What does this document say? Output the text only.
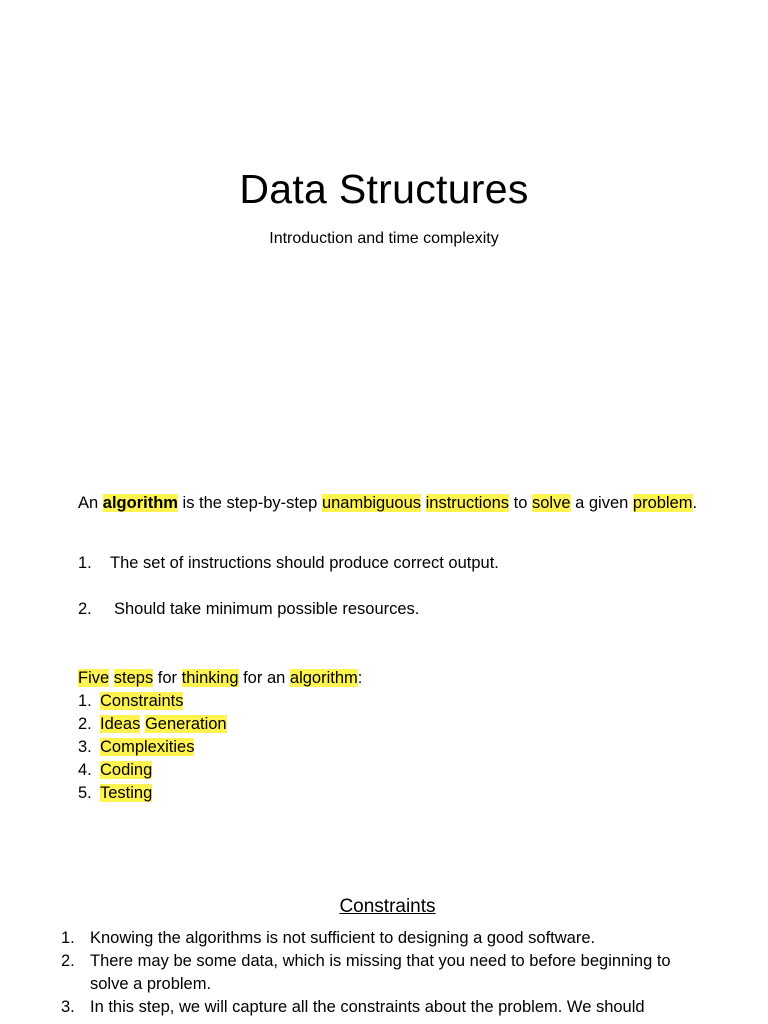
Data Structures
Introduction and time complexity
An algorithm is the step-by-step unambiguous instructions to solve a given problem.
1. The set of instructions should produce correct output.
2. Should take minimum possible resources.
Five steps for thinking for an algorithm:
1. Constraints
2. Ideas Generation
3. Complexities
4. Coding
5. Testing
Constraints
1. Knowing the algorithms is not sufficient to designing a good software.
2. There may be some data, which is missing that you need to before beginning to
solve a problem.
3. In this step, we will capture all the constraints about the problem. We should
